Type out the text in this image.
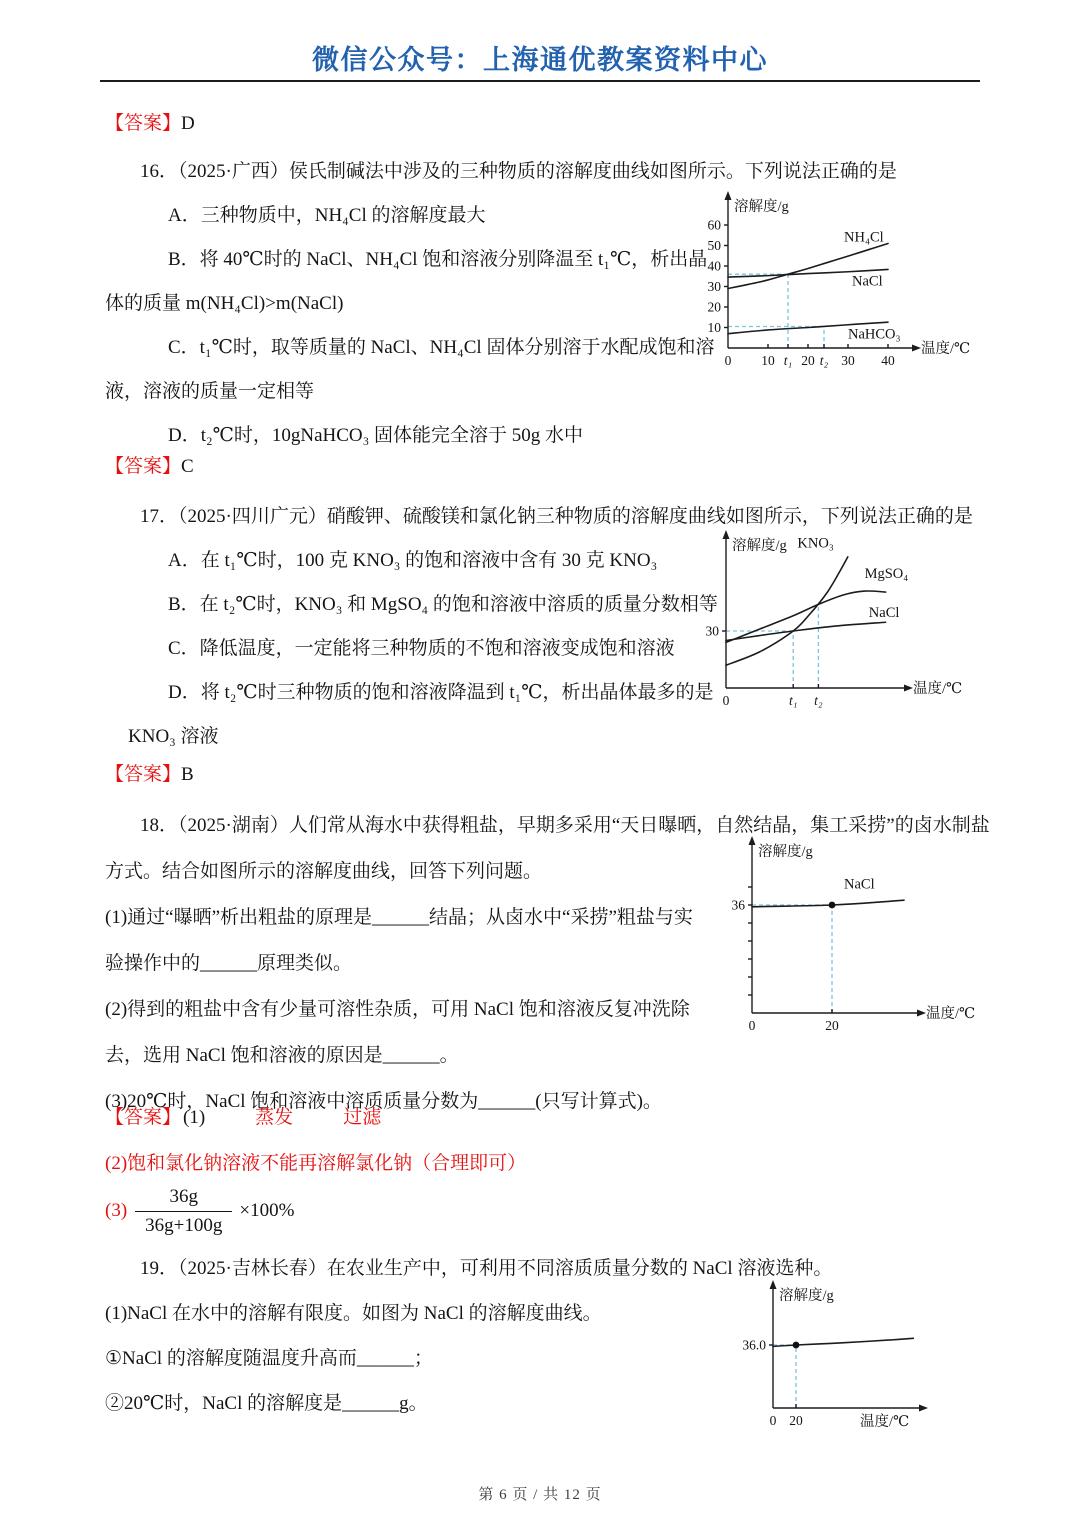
微信公众号：上海通优教案资料中心
【答案】D
16．（2025·广西）侯氏制碱法中涉及的三种物质的溶解度曲线如图所示。下列说法正确的是
A．三种物质中，NH₄Cl 的溶解度最大
B．将 40℃时的 NaCl、NH₄Cl 饱和溶液分别降温至 t₁℃，析出晶
体的质量 m(NH₄Cl)>m(NaCl)
C．t₁℃时，取等质量的 NaCl、NH₄Cl 固体分别溶于水配成饱和溶
液，溶液的质量一定相等
D．t₂℃时，10gNaHCO₃ 固体能完全溶于 50g 水中
溶解度/g
温度/℃
10
20
30
40
50
60
0 10 t₁ 20 t₂ 30 40
NH₄Cl
NaCl
NaHCO₃
【答案】C
17．（2025·四川广元）硝酸钾、硫酸镁和氯化钠三种物质的溶解度曲线如图所示，下列说法正确的是
A．在 t₁℃时，100 克 KNO₃ 的饱和溶液中含有 30 克 KNO₃
B．在 t₂℃时，KNO₃ 和 MgSO₄ 的饱和溶液中溶质的质量分数相等
C．降低温度，一定能将三种物质的不饱和溶液变成饱和溶液
D．将 t₂℃时三种物质的饱和溶液降温到 t₁℃，析出晶体最多的是
KNO₃ 溶液
溶解度/g
温度/℃
30
0	t₁ t₂
KNO₃
MgSO₄
NaCl
【答案】B
18．（2025·湖南）人们常从海水中获得粗盐，早期多采用“天日曝晒，自然结晶，集工采捞”的卤水制盐
方式。结合如图所示的溶解度曲线，回答下列问题。
(1)通过“曝晒”析出粗盐的原理是______结晶；从卤水中“采捞”粗盐与实
验操作中的______原理类似。
(2)得到的粗盐中含有少量可溶性杂质，可用 NaCl 饱和溶液反复冲洗除
去，选用 NaCl 饱和溶液的原因是______。
(3)20℃时，NaCl 饱和溶液中溶质质量分数为______(只写计算式)。
溶解度/g
温度/℃
36
0	20
NaCl
【答案】 (1)	蒸发	过滤
(2)饱和氯化钠溶液不能再溶解氯化钠（合理即可）
$(3) \frac{36g}{36g+100g} \times 100\%$
19．（2025·吉林长春）在农业生产中，可利用不同溶质质量分数的 NaCl 溶液选种。
(1)NaCl 在水中的溶解有限度。如图为 NaCl 的溶解度曲线。
①NaCl 的溶解度随温度升高而______；
②20℃时，NaCl 的溶解度是______g。
溶解度/g
温度/℃
36.0
0 20
第 6 页 / 共 12 页
